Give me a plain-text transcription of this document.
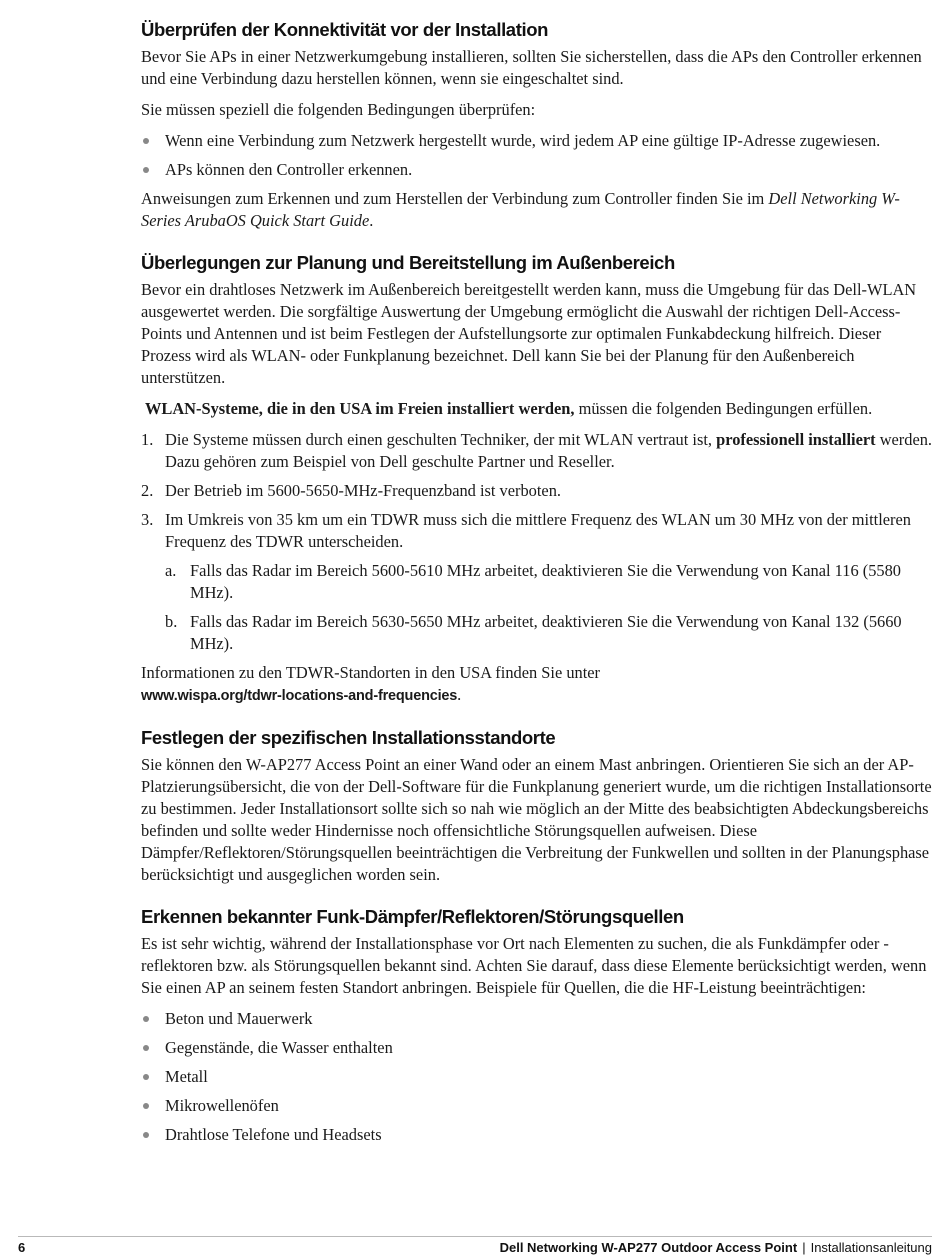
Überprüfen der Konnektivität vor der Installation

Bevor Sie APs in einer Netzwerkumgebung installieren, sollten Sie sicherstellen, dass die APs den Controller erkennen und eine Verbindung dazu herstellen können, wenn sie eingeschaltet sind.

Sie müssen speziell die folgenden Bedingungen überprüfen:

Wenn eine Verbindung zum Netzwerk hergestellt wurde, wird jedem AP eine gültige IP-Adresse zugewiesen.
APs können den Controller erkennen.

Anweisungen zum Erkennen und zum Herstellen der Verbindung zum Controller finden Sie im Dell Networking W-Series ArubaOS Quick Start Guide.

Überlegungen zur Planung und Bereitstellung im Außenbereich

Bevor ein drahtloses Netzwerk im Außenbereich bereitgestellt werden kann, muss die Umgebung für das Dell-WLAN ausgewertet werden. Die sorgfältige Auswertung der Umgebung ermöglicht die Auswahl der richtigen Dell-Access-Points und Antennen und ist beim Festlegen der Aufstellungsorte zur optimalen Funkabdeckung hilfreich. Dieser Prozess wird als WLAN- oder Funkplanung bezeichnet. Dell kann Sie bei der Planung für den Außenbereich unterstützen.

WLAN-Systeme, die in den USA im Freien installiert werden, müssen die folgenden Bedingungen erfüllen.

1. Die Systeme müssen durch einen geschulten Techniker, der mit WLAN vertraut ist, professionell installiert werden. Dazu gehören zum Beispiel von Dell geschulte Partner und Reseller.
2. Der Betrieb im 5600-5650-MHz-Frequenzband ist verboten.
3. Im Umkreis von 35 km um ein TDWR muss sich die mittlere Frequenz des WLAN um 30 MHz von der mittleren Frequenz des TDWR unterscheiden.
a. Falls das Radar im Bereich 5600-5610 MHz arbeitet, deaktivieren Sie die Verwendung von Kanal 116 (5580 MHz).
b. Falls das Radar im Bereich 5630-5650 MHz arbeitet, deaktivieren Sie die Verwendung von Kanal 132 (5660 MHz).

Informationen zu den TDWR-Standorten in den USA finden Sie unter
www.wispa.org/tdwr-locations-and-frequencies.

Festlegen der spezifischen Installationsstandorte

Sie können den W-AP277 Access Point an einer Wand oder an einem Mast anbringen. Orientieren Sie sich an der AP-Platzierungsübersicht, die von der Dell-Software für die Funkplanung generiert wurde, um die richtigen Installationsorte zu bestimmen. Jeder Installationsort sollte sich so nah wie möglich an der Mitte des beabsichtigten Abdeckungsbereichs befinden und sollte weder Hindernisse noch offensichtliche Störungsquellen aufweisen. Diese Dämpfer/Reflektoren/Störungsquellen beeinträchtigen die Verbreitung der Funkwellen und sollten in der Planungsphase berücksichtigt und ausgeglichen worden sein.

Erkennen bekannter Funk-Dämpfer/Reflektoren/Störungsquellen

Es ist sehr wichtig, während der Installationsphase vor Ort nach Elementen zu suchen, die als Funkdämpfer oder -reflektoren bzw. als Störungsquellen bekannt sind. Achten Sie darauf, dass diese Elemente berücksichtigt werden, wenn Sie einen AP an seinem festen Standort anbringen. Beispiele für Quellen, die die HF-Leistung beeinträchtigen:

Beton und Mauerwerk
Gegenstände, die Wasser enthalten
Metall
Mikrowellenöfen
Drahtlose Telefone und Headsets
6	Dell Networking W-AP277 Outdoor Access Point | Installationsanleitung
